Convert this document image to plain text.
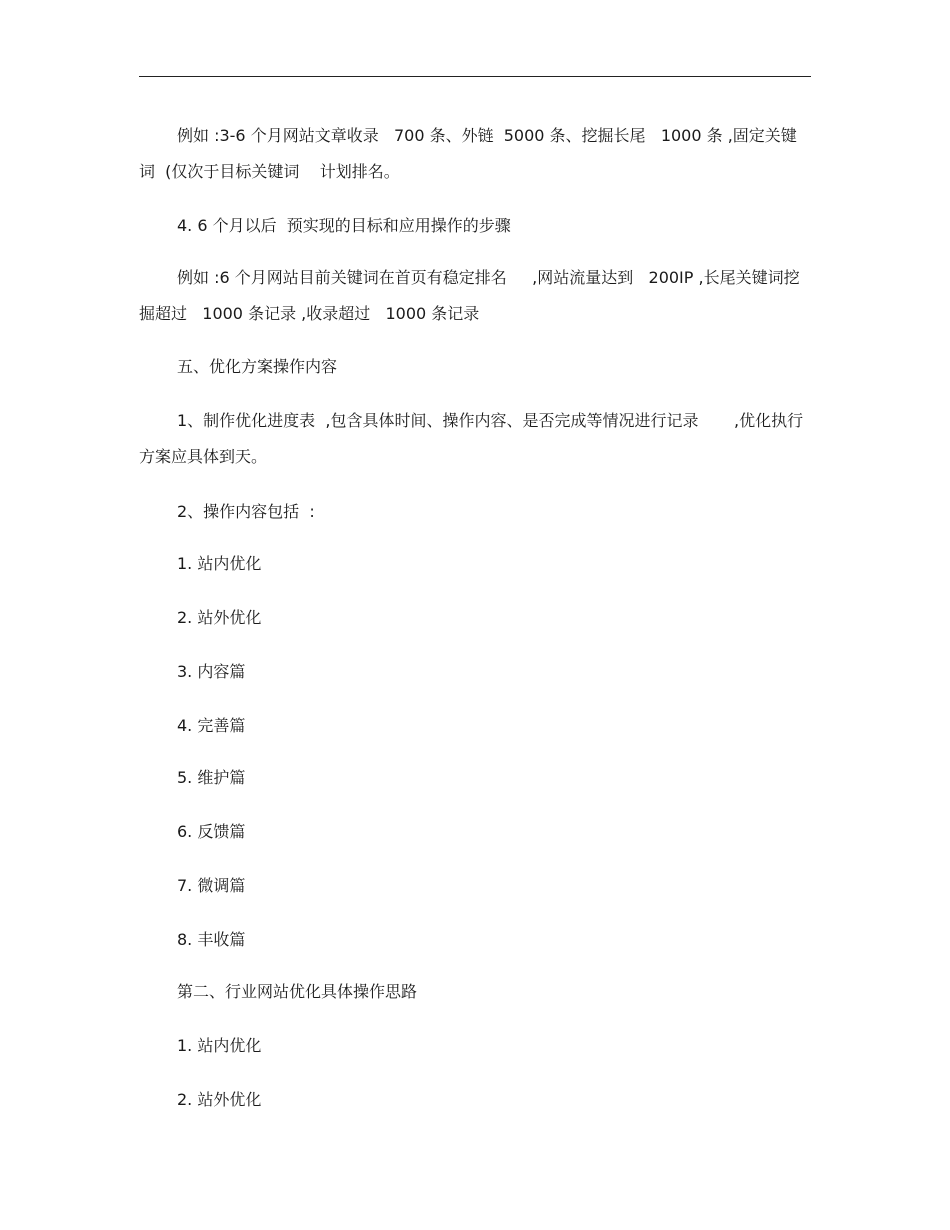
例如 :3-6 个月网站文章收录   700 条、外链  5000 条、挖掘长尾   1000 条 ,固定关键词  (仅次于目标关键词    计划排名。

4. 6 个月以后  预实现的目标和应用操作的步骤

例如 :6 个月网站目前关键词在首页有稳定排名     ,网站流量达到   200IP ,长尾关键词挖掘超过   1000 条记录 ,收录超过   1000 条记录

五、优化方案操作内容

1、制作优化进度表  ,包含具体时间、操作内容、是否完成等情况进行记录       ,优化执行方案应具体到天。

2、操作内容包括  :

1. 站内优化

2. 站外优化

3. 内容篇

4. 完善篇

5. 维护篇

6. 反馈篇

7. 微调篇

8. 丰收篇

第二、行业网站优化具体操作思路

1. 站内优化

2. 站外优化
